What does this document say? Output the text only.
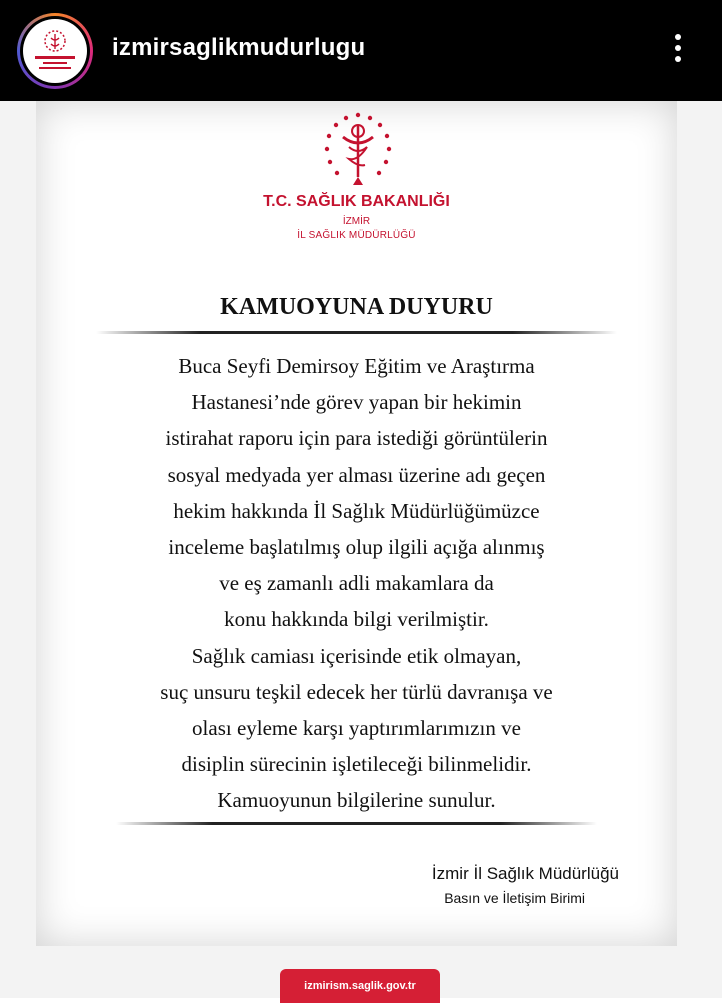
izmirsaglikmudurlugu
T.C. SAĞLIK BAKANLIĞI
İZMİR
İL SAĞLIK MÜDÜRLÜĞÜ
KAMUOYUNA DUYURU
Buca Seyfi Demirsoy Eğitim ve Araştırma
Hastanesi’nde görev yapan bir hekimin
istirahat raporu için para istediği görüntülerin
sosyal medyada yer alması üzerine adı geçen
hekim hakkında İl Sağlık Müdürlüğümüzce
inceleme başlatılmış olup ilgili açığa alınmış
ve eş zamanlı adli makamlara da
konu hakkında bilgi verilmiştir.
Sağlık camiası içerisinde etik olmayan,
suç unsuru teşkil edecek her türlü davranışa ve
olası eyleme karşı yaptırımlarımızın ve
disiplin sürecinin işletileceği bilinmelidir.
Kamuoyunun bilgilerine sunulur.
İzmir İl Sağlık Müdürlüğü
Basın ve İletişim Birimi
izmirism.saglik.gov.tr
